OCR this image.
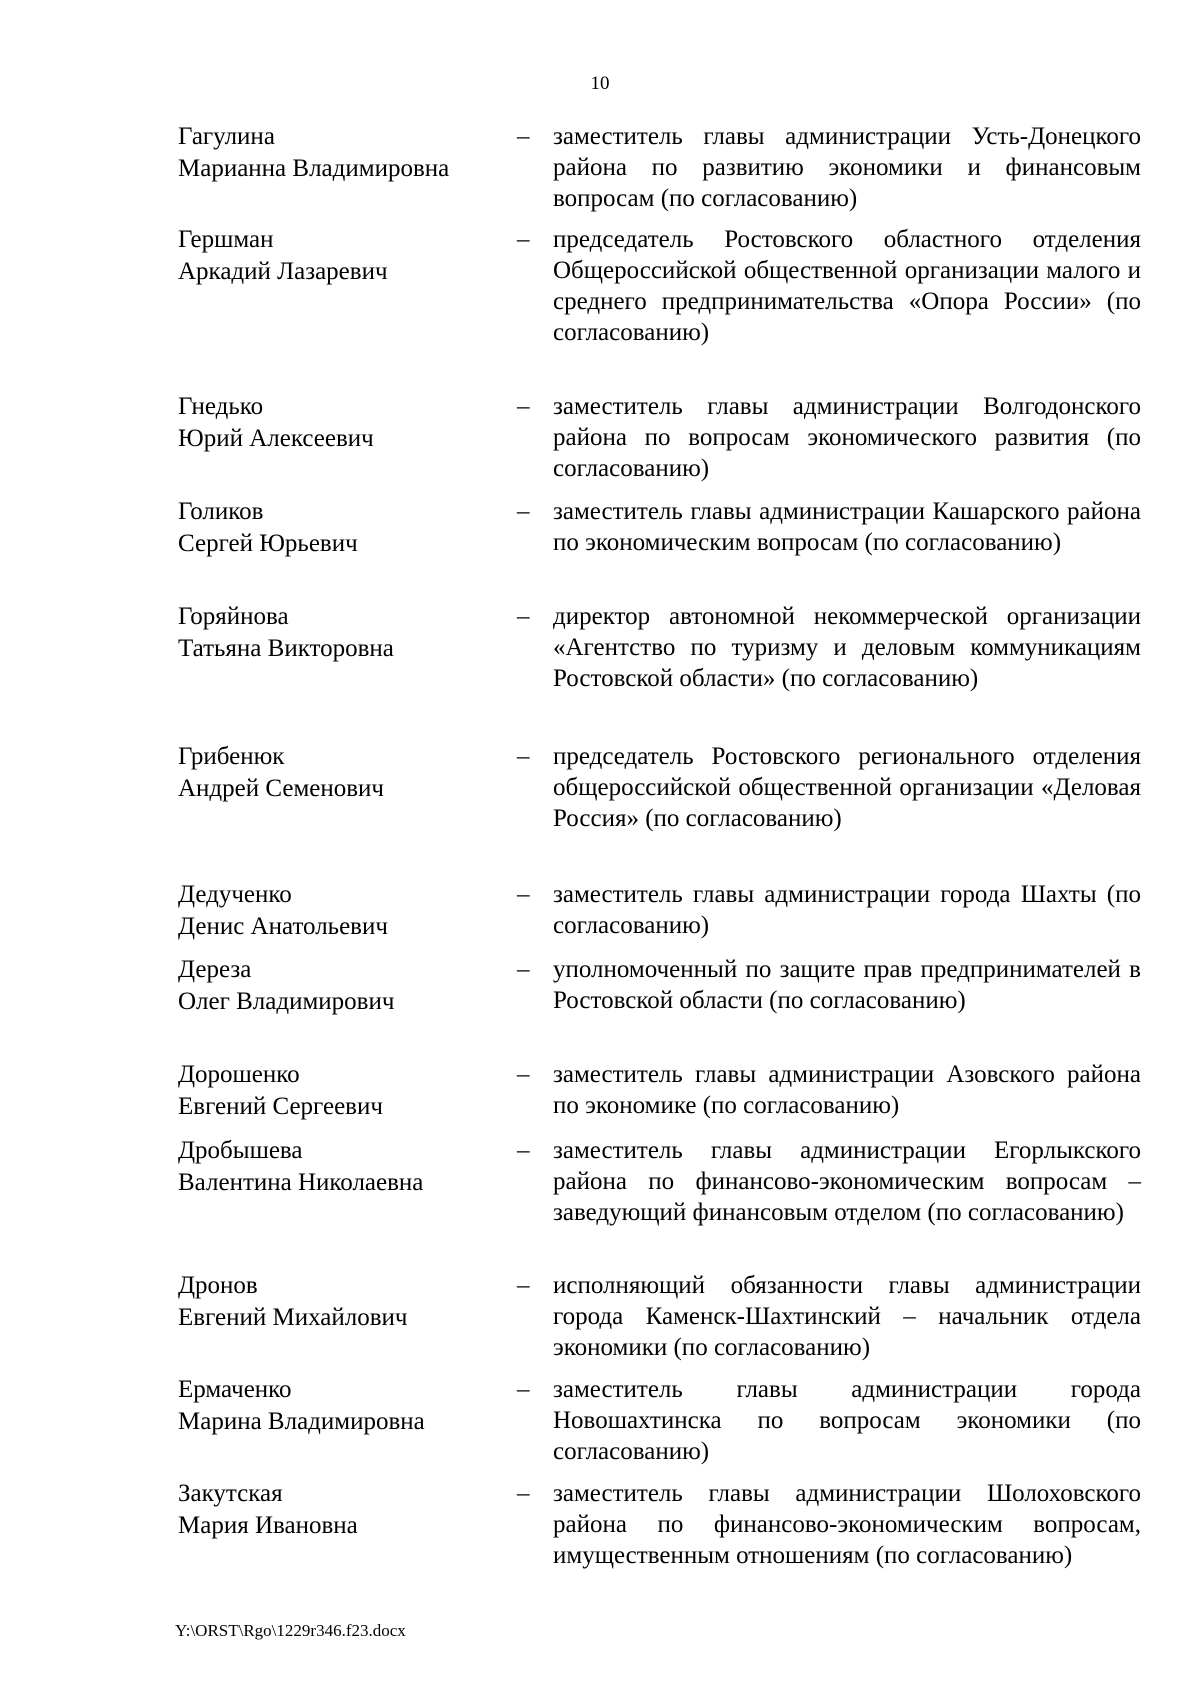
10
Гагулина
Марианна Владимировна
– заместитель главы администрации Усть-Донецкого района по развитию экономики и финансовым вопросам (по согласованию)
Гершман
Аркадий Лазаревич
– председатель Ростовского областного отделения Общероссийской общественной организации малого и среднего предпринимательства «Опора России» (по согласованию)
Гнедько
Юрий Алексеевич
– заместитель главы администрации Волгодонского района по вопросам экономического развития (по согласованию)
Голиков
Сергей Юрьевич
– заместитель главы администрации Кашарского района по экономическим вопросам (по согласованию)
Горяйнова
Татьяна Викторовна
– директор автономной некоммерческой организации «Агентство по туризму и деловым коммуникациям Ростовской области» (по согласованию)
Грибенюк
Андрей Семенович
– председатель Ростовского регионального отделения общероссийской общественной организации «Деловая Россия» (по согласованию)
Дедученко
Денис Анатольевич
– заместитель главы администрации города Шахты (по согласованию)
Дереза
Олег Владимирович
– уполномоченный по защите прав предпринимателей в Ростовской области (по согласованию)
Дорошенко
Евгений Сергеевич
– заместитель главы администрации Азовского района по экономике (по согласованию)
Дробышева
Валентина Николаевна
– заместитель главы администрации Егорлыкского района по финансово-экономическим вопросам – заведующий финансовым отделом (по согласованию)
Дронов
Евгений Михайлович
– исполняющий обязанности главы администрации города Каменск-Шахтинский – начальник отдела экономики (по согласованию)
Ермаченко
Марина Владимировна
– заместитель главы администрации города Новошахтинска по вопросам экономики (по согласованию)
Закутская
Мария Ивановна
– заместитель главы администрации Шолоховского района по финансово-экономическим вопросам, имущественным отношениям (по согласованию)
Y:\ORST\Rgo\1229r346.f23.docx
